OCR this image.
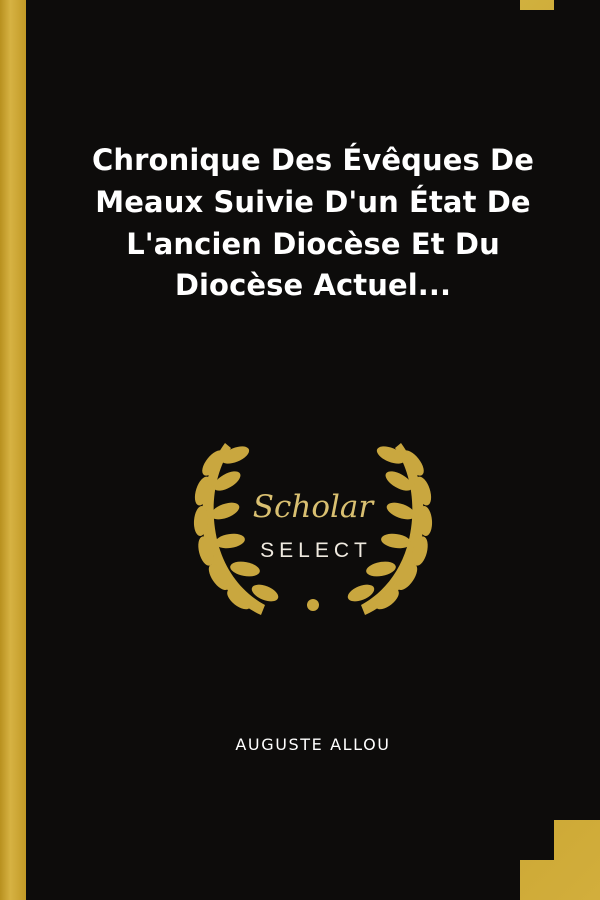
Chronique Des Évêques De Meaux Suivie D'un État De L'ancien Diocèse Et Du Diocèse Actuel...
Scholar
SELECT
AUGUSTE ALLOU
